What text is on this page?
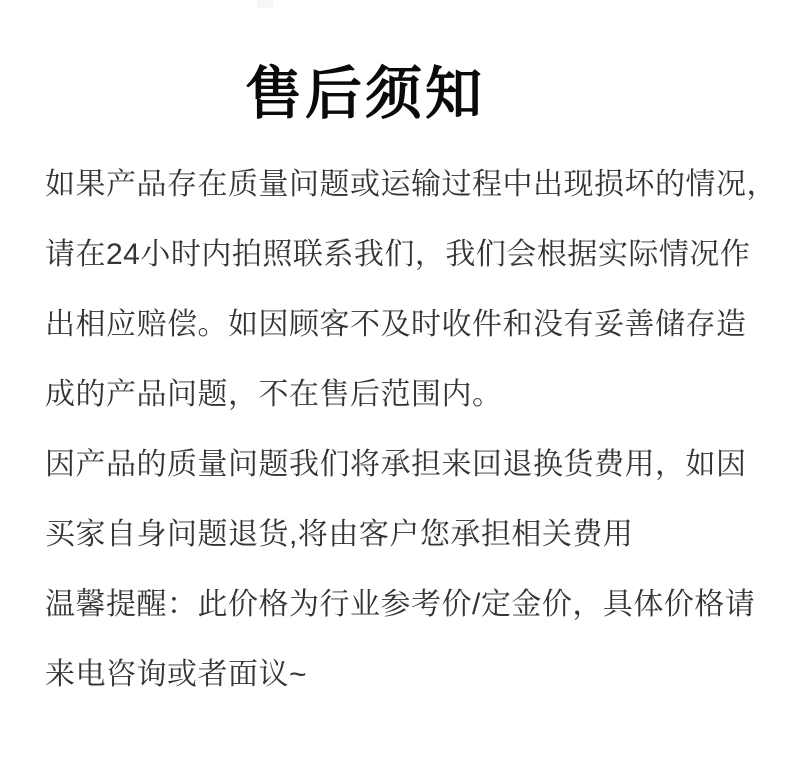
售后须知
如果产品存在质量问题或运输过程中出现损坏的情况，
请在24小时内拍照联系我们，我们会根据实际情况作
出相应赔偿。如因顾客不及时收件和没有妥善储存造
成的产品问题，不在售后范围内。
因产品的质量问题我们将承担来回退换货费用，如因
买家自身问题退货,将由客户您承担相关费用
温馨提醒：此价格为行业参考价/定金价，具体价格请
来电咨询或者面议~
